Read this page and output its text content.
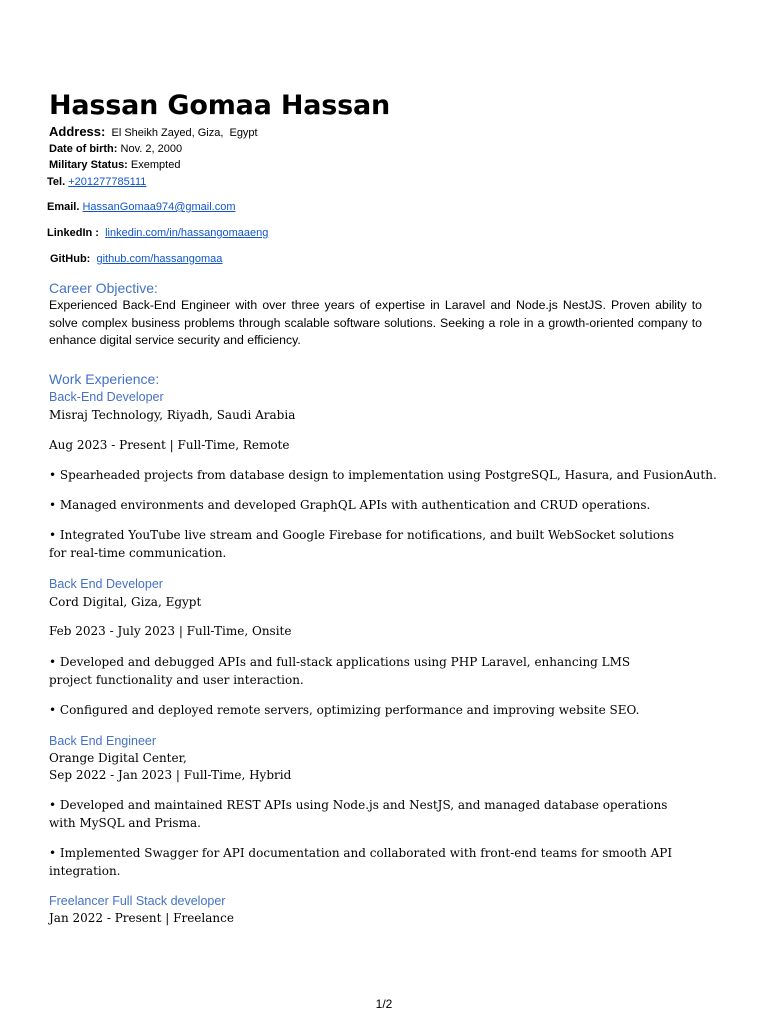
Hassan Gomaa Hassan
Address: El Sheikh Zayed, Giza,  Egypt
Date of birth: Nov. 2, 2000
Military Status: Exempted
Tel. +201277785111
Email. HassanGomaa974@gmail.com
LinkedIn : linkedin.com/in/hassangomaaeng
GitHub: github.com/hassangomaa
Career Objective:

Experienced Back-End Engineer with over three years of expertise in Laravel and Node.js NestJS. Proven ability to solve complex business problems through scalable software solutions. Seeking a role in a growth-oriented company to enhance digital service security and efficiency.

Work Experience:
Back-End Developer
Misraj Technology, Riyadh, Saudi Arabia
Aug 2023 - Present | Full-Time, Remote
• Spearheaded projects from database design to implementation using PostgreSQL, Hasura, and FusionAuth.
• Managed environments and developed GraphQL APIs with authentication and CRUD operations.
• Integrated YouTube live stream and Google Firebase for notifications, and built WebSocket solutions for real-time communication.
Back End Developer
Cord Digital, Giza, Egypt
Feb 2023 - July 2023 | Full-Time, Onsite
• Developed and debugged APIs and full-stack applications using PHP Laravel, enhancing LMS project functionality and user interaction.
• Configured and deployed remote servers, optimizing performance and improving website SEO.
Back End Engineer
Orange Digital Center,
Sep 2022 - Jan 2023 | Full-Time, Hybrid
• Developed and maintained REST APIs using Node.js and NestJS, and managed database operations with MySQL and Prisma.
• Implemented Swagger for API documentation and collaborated with front-end teams for smooth API integration.
Freelancer Full Stack developer
Jan 2022 - Present | Freelance
1/2
